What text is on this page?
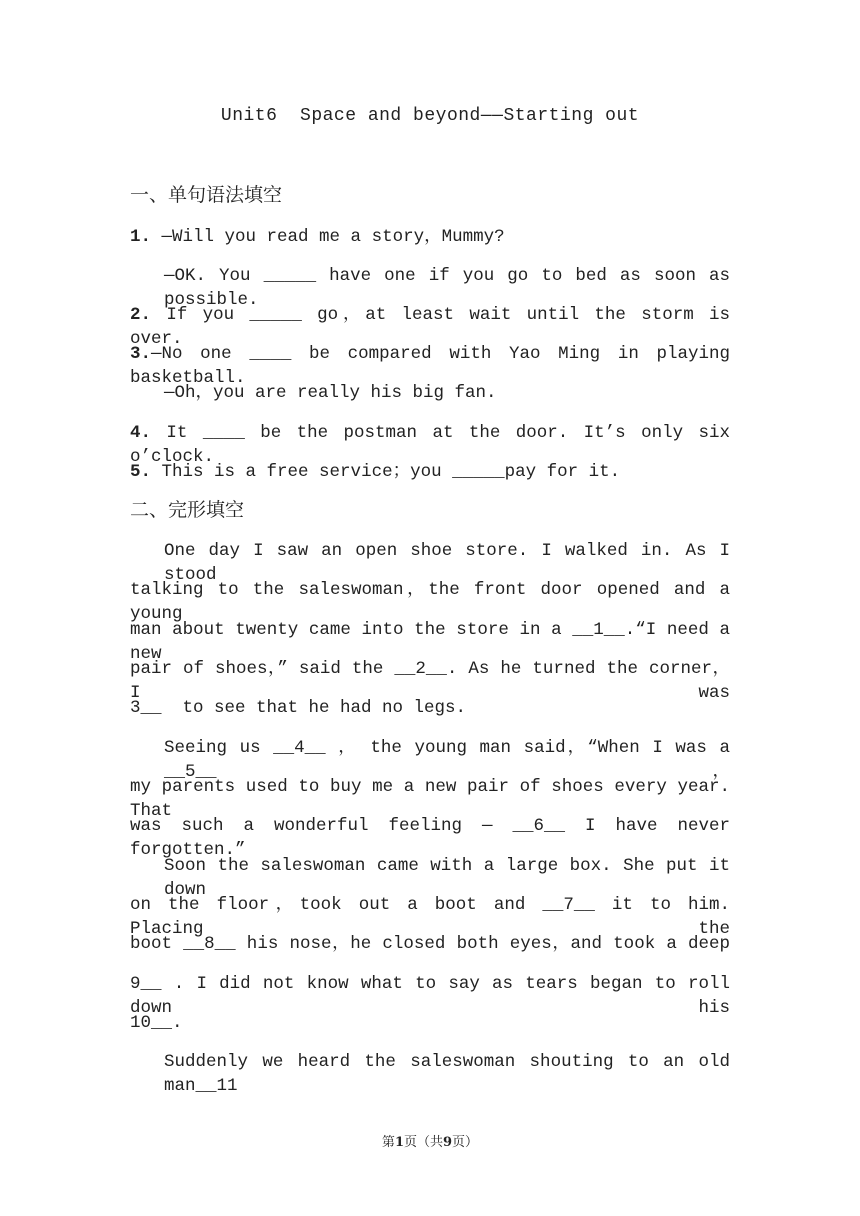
Unit6  Space and beyond——Starting out
一、单句语法填空
1. —Will you read me a story，Mummy?
—OK. You _____ have one if you go to bed as soon as possible.
2. If you _____ go，at least wait until the storm is over.
3.—No one ____ be compared with Yao Ming in playing basketball.
—Oh，you are really his big fan.
4. It ____ be the postman at the door. It’s only six o’clock.
5. This is a free service；you _____pay for it.
二、完形填空
One day I saw an open shoe store. I walked in. As I stood
talking to the saleswoman，the front door opened and a young
man about twenty came into the store in a __1__.“I need a new
pair of shoes，” said the __2__. As he turned the corner，I was
3__  to see that he had no legs.
Seeing us __4__ ， the young man said，“When I was a __5__，
my parents used to buy me a new pair of shoes every year. That
was such a wonderful feeling — __6__ I have never forgotten.”
Soon the saleswoman came with a large box. She put it down
on the floor，took out a boot and __7__ it to him. Placing the
boot __8__ his nose，he closed both eyes，and took a deep
9__ . I did not know what to say as tears began to roll down his
10__.
Suddenly we heard the saleswoman shouting to an old man__11
第1页（共9页）
